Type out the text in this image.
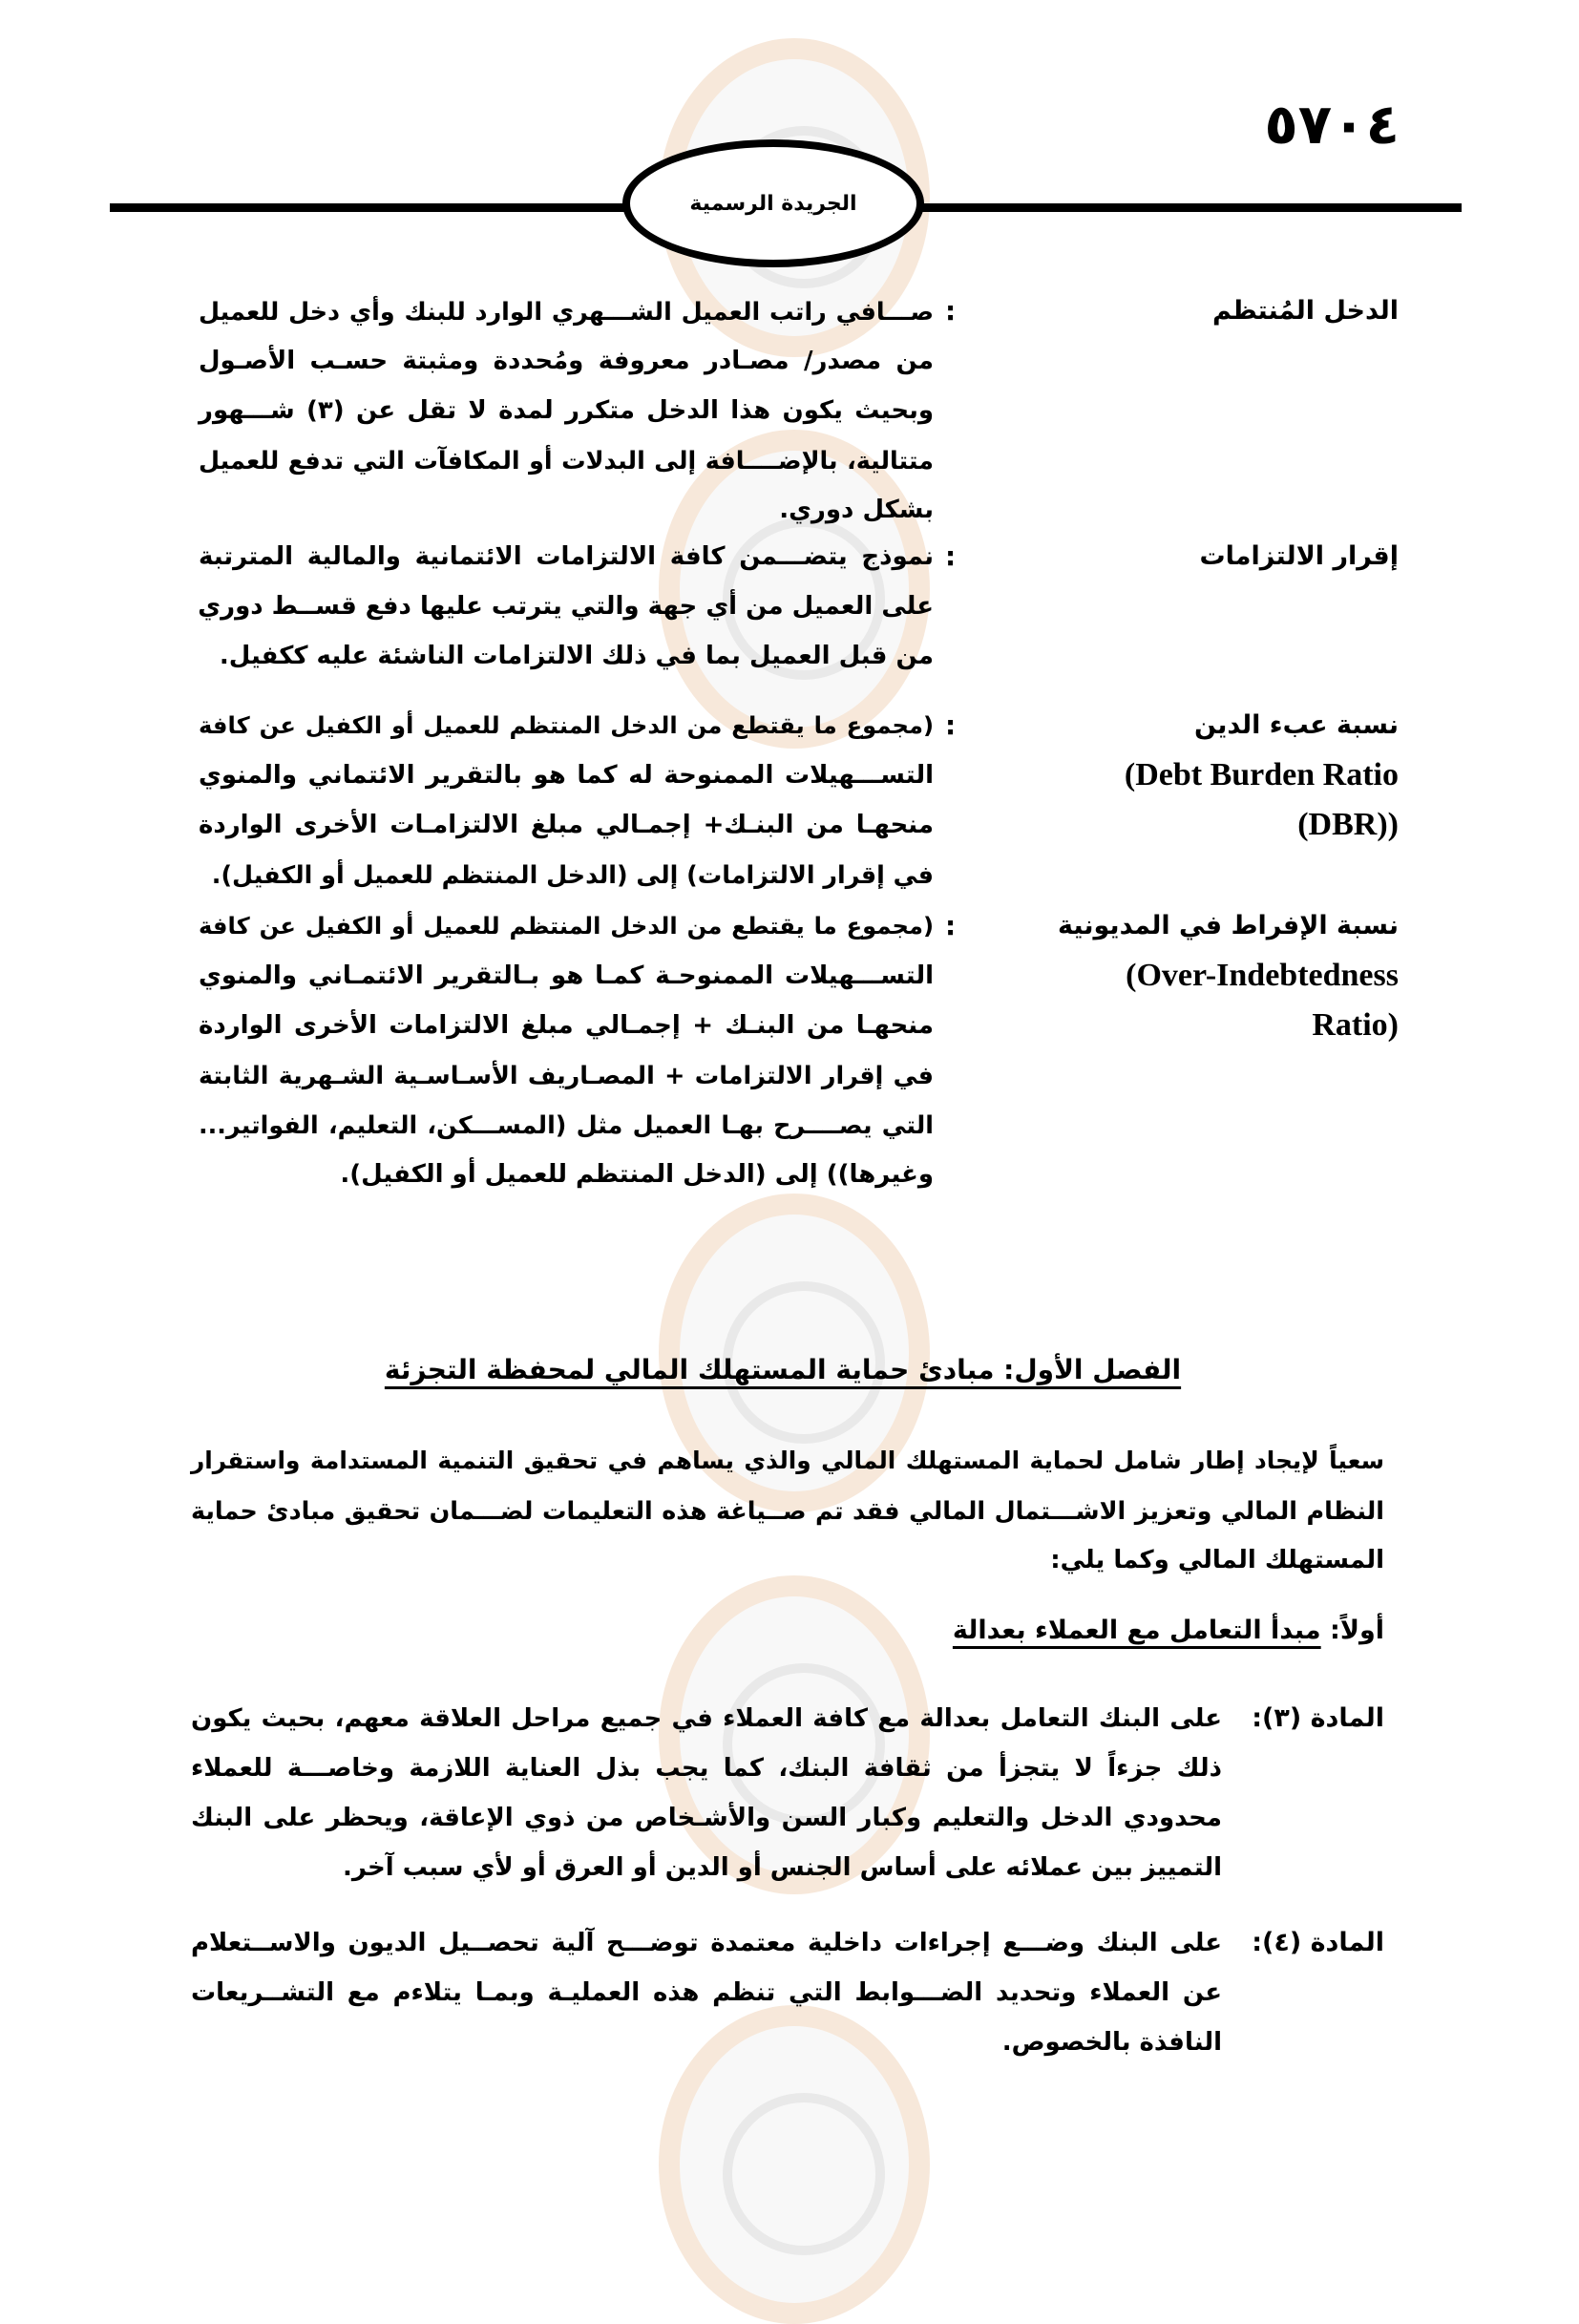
٥٧٠٤
الجريدة الرسمية
الدخل المُنتظم
:
صـــافي راتب العميل الشـــهري الوارد للبنك وأي دخل للعميل
من مصدر/ مصـادر معروفة ومُحددة ومثبتة حسـب الأصـول
وبحيث يكون هذا الدخل متكرر لمدة لا تقل عن (٣) شـــهور
متتالية، بالإضــــافة إلى البدلات أو المكافآت التي تدفع للعميل
بشكل دوري.
إقرار الالتزامات
:
نموذج يتضـــمن كافة الالتزامات الائتمانية والمالية المترتبة
على العميل من أي جهة والتي يترتب عليها دفع قســط دوري
من قبل العميل بما في ذلك الالتزامات الناشئة عليه ككفيل.
نسبة عبء الدين
(Debt Burden Ratio
(DBR))
:
(مجموع ما يقتطع من الدخل المنتظم للعميل أو الكفيل عن كافة
التســـهيلات الممنوحة له كما هو بالتقرير الائتماني والمنوي
منحهـا من البنـك+ إجمـالي مبلغ الالتزامـات الأخرى الواردة
في إقرار الالتزامات) إلى (الدخل المنتظم للعميل أو الكفيل).
نسبة الإفراط في المديونية
(Over-Indebtedness
Ratio)
:
(مجموع ما يقتطع من الدخل المنتظم للعميل أو الكفيل عن كافة
التســـهيلات الممنوحـة كمـا هو بـالتقرير الائتمـاني والمنوي
منحهـا من البنـك + إجمـالي مبلغ الالتزامات الأخرى الواردة
في إقرار الالتزامات + المصـاريف الأسـاسـية الشـهرية الثابتة
التي يصــــرح بهـا العميل مثل (المســـكن، التعليم، الفواتير...
وغيرها)) إلى (الدخل المنتظم للعميل أو الكفيل).
الفصل الأول: مبادئ حماية المستهلك المالي لمحفظة التجزئة
سعياً لإيجاد إطار شامل لحماية المستهلك المالي والذي يساهم في تحقيق التنمية المستدامة واستقرار
النظام المالي وتعزيز الاشـــتمال المالي فقد تم صــياغة هذه التعليمات لضـــمان تحقيق مبادئ حماية
المستهلك المالي وكما يلي:
أولاً: مبدأ التعامل مع العملاء بعدالة
المادة (٣):
على البنك التعامل بعدالة مع كافة العملاء في جميع مراحل العلاقة معهم، بحيث يكون
ذلك جزءاً لا يتجزأ من ثقافة البنك، كما يجب بذل العناية اللازمة وخاصـــة للعملاء
محدودي الدخل والتعليم وكبار السن والأشـخاص من ذوي الإعاقة، ويحظر على البنك
التمييز بين عملائه على أساس الجنس أو الدين أو العرق أو لأي سبب آخر.
المادة (٤):
على البنك وضـــع إجراءات داخلية معتمدة توضـــح آلية تحصــيل الديون والاســتعلام
عن العملاء وتحديد الضـــوابط التي تنظم هذه العمليـة وبمـا يتلاءم مع التشــريعات
النافذة بالخصوص.
